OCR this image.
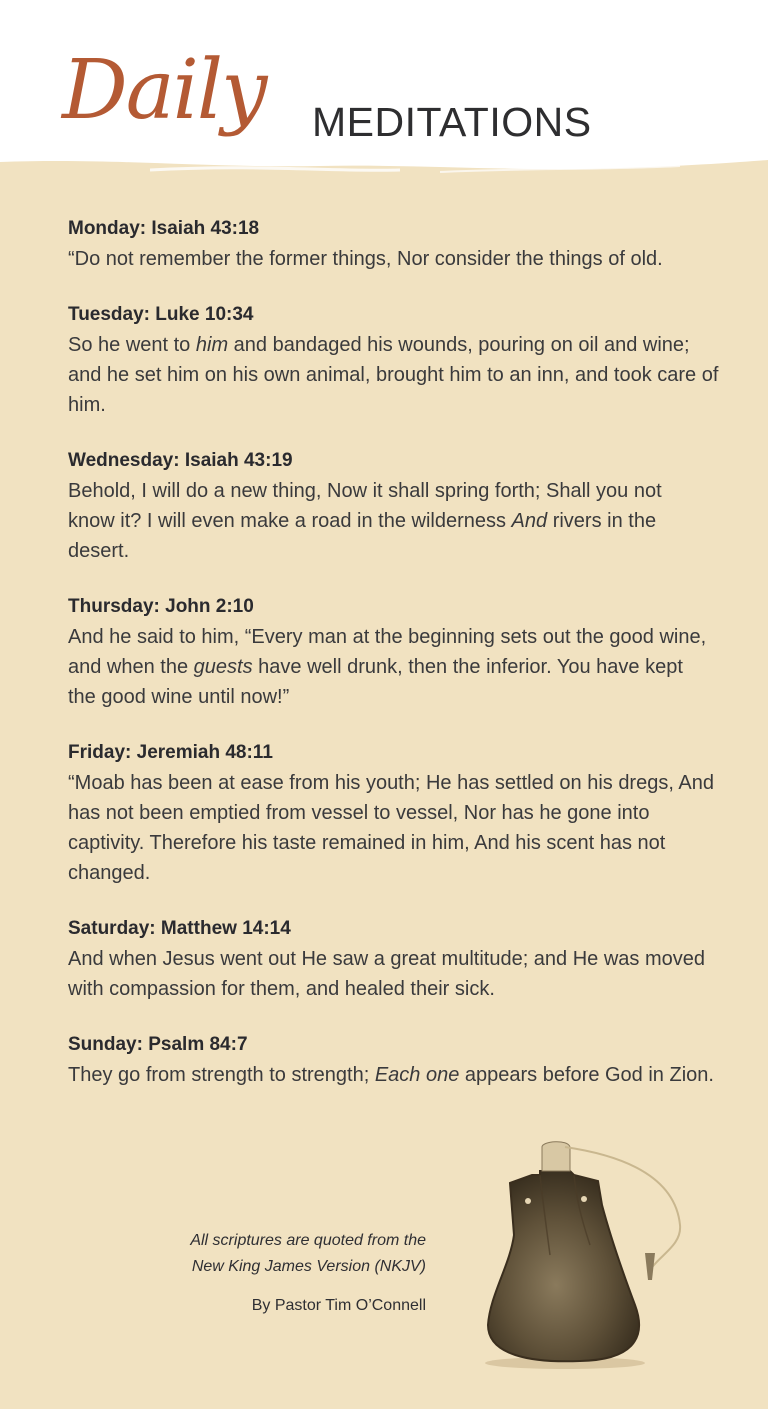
Daily MEDITATIONS
Monday: Isaiah 43:18
“Do not remember the former things, Nor consider the things of old.
Tuesday: Luke 10:34
So he went to him and bandaged his wounds, pouring on oil and wine; and he set him on his own animal, brought him to an inn, and took care of him.
Wednesday: Isaiah 43:19
Behold, I will do a new thing, Now it shall spring forth; Shall you not know it? I will even make a road in the wilderness And rivers in the desert.
Thursday: John 2:10
And he said to him, “Every man at the beginning sets out the good wine, and when the guests have well drunk, then the inferior. You have kept the good wine until now!”
Friday: Jeremiah 48:11
“Moab has been at ease from his youth; He has settled on his dregs, And has not been emptied from vessel to vessel, Nor has he gone into captivity. Therefore his taste remained in him, And his scent has not changed.
Saturday: Matthew 14:14
And when Jesus went out He saw a great multitude; and He was moved with compassion for them, and healed their sick.
Sunday: Psalm 84:7
They go from strength to strength; Each one appears before God in Zion.
All scriptures are quoted from the
New King James Version (NKJV)
By Pastor Tim O’Connell
